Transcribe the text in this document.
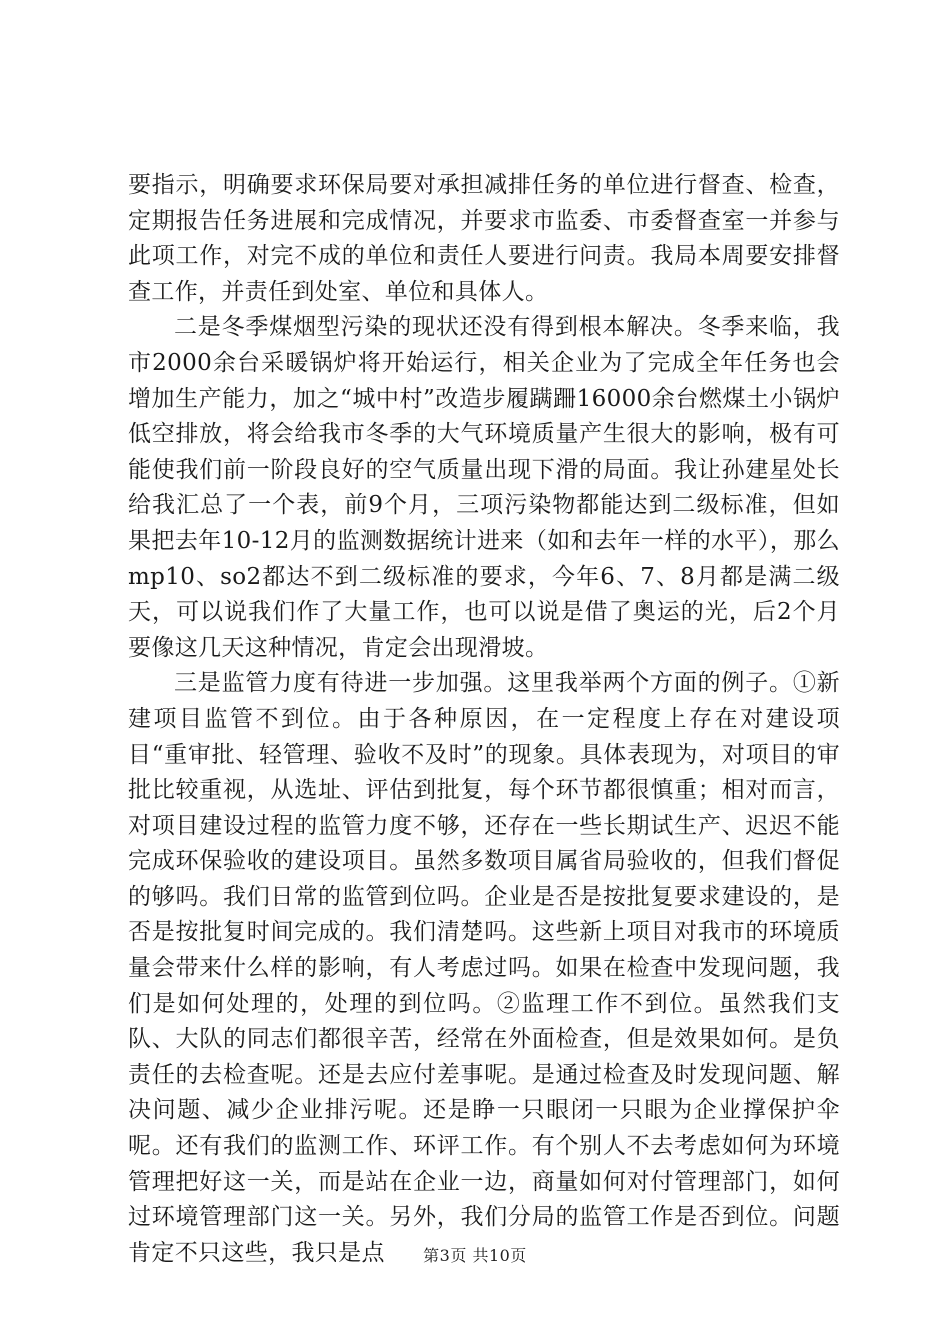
要指示，明确要求环保局要对承担减排任务的单位进行督查、检查，定期报告任务进展和完成情况，并要求市监委、市委督查室一并参与此项工作，对完不成的单位和责任人要进行问责。我局本周要安排督查工作，并责任到处室、单位和具体人。

二是冬季煤烟型污染的现状还没有得到根本解决。冬季来临，我市2000余台采暖锅炉将开始运行，相关企业为了完成全年任务也会增加生产能力，加之“城中村”改造步履蹒跚16000余台燃煤土小锅炉低空排放，将会给我市冬季的大气环境质量产生很大的影响，极有可能使我们前一阶段良好的空气质量出现下滑的局面。我让孙建星处长给我汇总了一个表，前9个月，三项污染物都能达到二级标准，但如果把去年10-12月的监测数据统计进来（如和去年一样的水平），那么mp10、so2都达不到二级标准的要求，今年6、7、8月都是满二级天，可以说我们作了大量工作，也可以说是借了奥运的光，后2个月要像这几天这种情况，肯定会出现滑坡。

三是监管力度有待进一步加强。这里我举两个方面的例子。①新建项目监管不到位。由于各种原因，在一定程度上存在对建设项目“重审批、轻管理、验收不及时”的现象。具体表现为，对项目的审批比较重视，从选址、评估到批复，每个环节都很慎重；相对而言，对项目建设过程的监管力度不够，还存在一些长期试生产、迟迟不能完成环保验收的建设项目。虽然多数项目属省局验收的，但我们督促的够吗。我们日常的监管到位吗。企业是否是按批复要求建设的，是否是按批复时间完成的。我们清楚吗。这些新上项目对我市的环境质量会带来什么样的影响，有人考虑过吗。如果在检查中发现问题，我们是如何处理的，处理的到位吗。②监理工作不到位。虽然我们支队、大队的同志们都很辛苦，经常在外面检查，但是效果如何。是负责任的去检查呢。还是去应付差事呢。是通过检查及时发现问题、解决问题、减少企业排污呢。还是睁一只眼闭一只眼为企业撑保护伞呢。还有我们的监测工作、环评工作。有个别人不去考虑如何为环境管理把好这一关，而是站在企业一边，商量如何对付管理部门，如何过环境管理部门这一关。另外，我们分局的监管工作是否到位。问题肯定不只这些，我只是点	第3页 共10页
